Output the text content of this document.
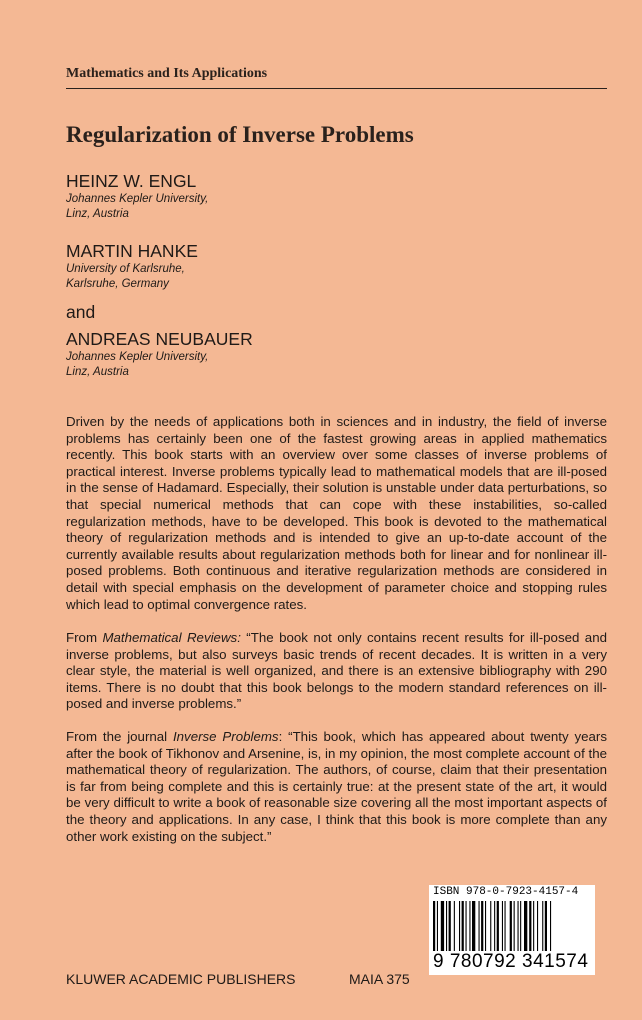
Mathematics and Its Applications
Regularization of Inverse Problems
HEINZ W. ENGL
Johannes Kepler University,
Linz, Austria
MARTIN HANKE
University of Karlsruhe,
Karlsruhe, Germany
and
ANDREAS NEUBAUER
Johannes Kepler University,
Linz, Austria

Driven by the needs of applications both in sciences and in industry, the field of inverse problems has certainly been one of the fastest growing areas in applied mathematics recently. This book starts with an overview over some classes of inverse problems of practical interest. Inverse problems typically lead to mathematical models that are ill-posed in the sense of Hadamard. Especially, their solution is unstable under data perturbations, so that special numerical methods that can cope with these instabilities, so-called regularization methods, have to be developed. This book is devoted to the mathematical theory of regularization methods and is intended to give an up-to-date account of the currently available results about regularization methods both for linear and for nonlinear ill-posed problems. Both continuous and iterative regularization methods are considered in detail with special emphasis on the development of parameter choice and stopping rules which lead to optimal convergence rates.

From Mathematical Reviews: “The book not only contains recent results for ill-posed and inverse problems, but also surveys basic trends of recent decades. It is written in a very clear style, the material is well organized, and there is an extensive bibliography with 290 items. There is no doubt that this book belongs to the modern standard references on ill-posed and inverse problems.”

From the journal Inverse Problems: “This book, which has appeared about twenty years after the book of Tikhonov and Arsenine, is, in my opinion, the most complete account of the mathematical theory of regularization. The authors, of course, claim that their presentation is far from being complete and this is certainly true: at the present state of the art, it would be very difficult to write a book of reasonable size covering all the most important aspects of the theory and applications. In any case, I think that this book is more complete than any other work existing on the subject.”

KLUWER ACADEMIC PUBLISHERS	MAIA 375
ISBN 978-0-7923-4157-4
9 780792 341574
